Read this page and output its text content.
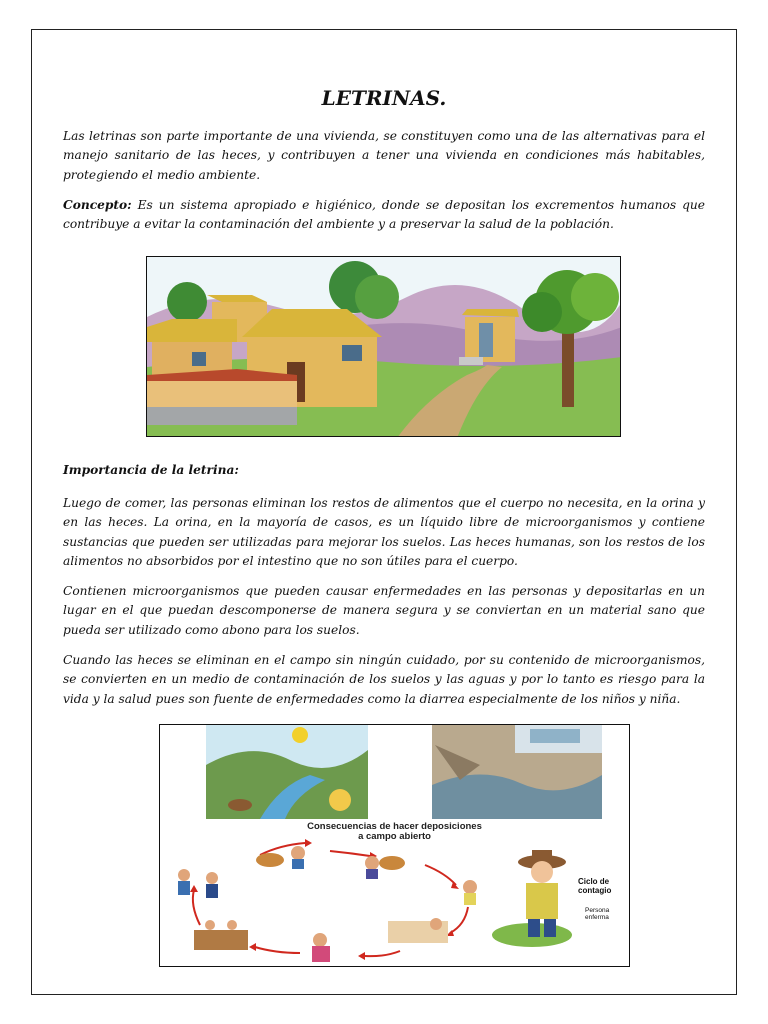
LETRINAS.

Las letrinas son parte importante de una vivienda, se constituyen como una de las alternativas para el manejo sanitario de las heces, y contribuyen a tener una vivienda en condiciones más habitables, protegiendo el medio ambiente.

Concepto: Es un sistema apropiado e higiénico, donde se depositan los excrementos humanos que contribuye a evitar la contaminación del ambiente y a preservar la salud de la población.

Importancia de la letrina:

Luego de comer, las personas eliminan los restos de alimentos que el cuerpo no necesita, en la orina y en las heces. La orina, en la mayoría de casos, es un líquido libre de microorganismos y contiene sustancias que pueden ser utilizadas para mejorar los suelos. Las heces humanas, son los restos de los alimentos no absorbidos por el intestino que no son útiles para el cuerpo.

Contienen microorganismos que pueden causar enfermedades en las personas y depositarlas en un lugar en el que puedan descomponerse de manera segura y se conviertan en un material sano que pueda ser utilizado como abono para los suelos.

Cuando las heces se eliminan en el campo sin ningún cuidado, por su contenido de microorganismos, se convierten en un medio de contaminación de los suelos y las aguas y por lo tanto es riesgo para la vida y la salud pues son fuente de enfermedades como la diarrea especialmente de los niños y niña.

Consecuencias de hacer deposiciones
a campo abierto
Ciclo de
contagio
Persona
enferma
